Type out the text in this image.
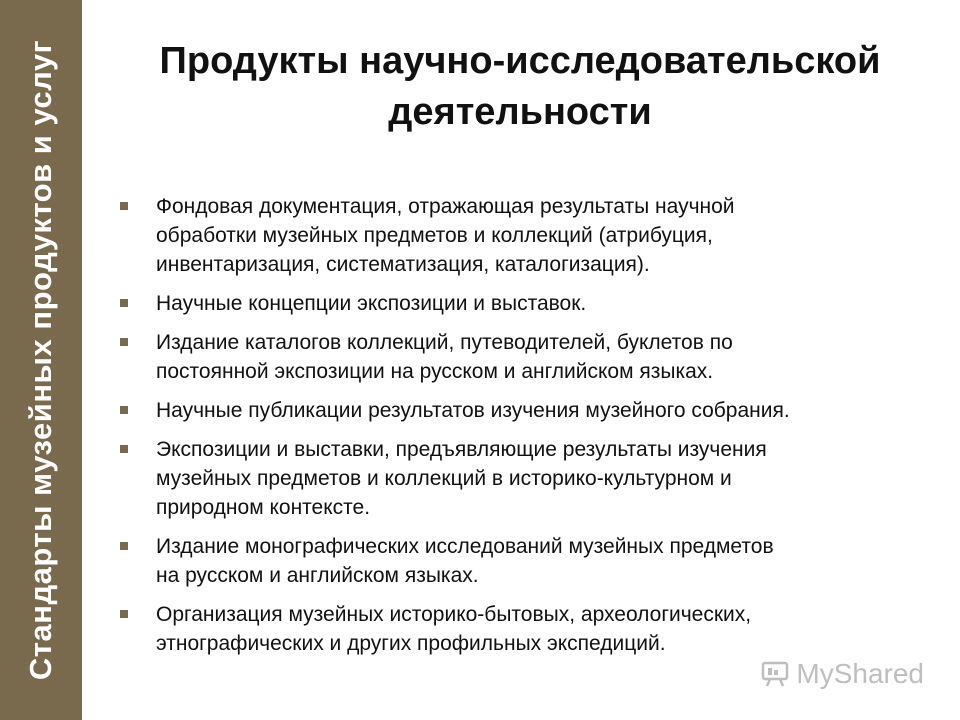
Стандарты музейных продуктов и услуг	Продукты научно-исследовательской
деятельности
Фондовая документация, отражающая результаты научной
обработки музейных предметов и коллекций (атрибуция,
инвентаризация, систематизация, каталогизация).
Научные концепции экспозиции и выставок.
Издание каталогов коллекций, путеводителей, буклетов по
постоянной экспозиции на русском и английском языках.
Научные публикации результатов изучения музейного собрания.
Экспозиции и выставки, предъявляющие результаты изучения
музейных предметов и коллекций в историко-культурном и
природном контексте.
Издание монографических исследований музейных предметов
на русском и английском языках.
Организация музейных историко-бытовых, археологических,
этнографических и других профильных экспедиций.
MyShared
